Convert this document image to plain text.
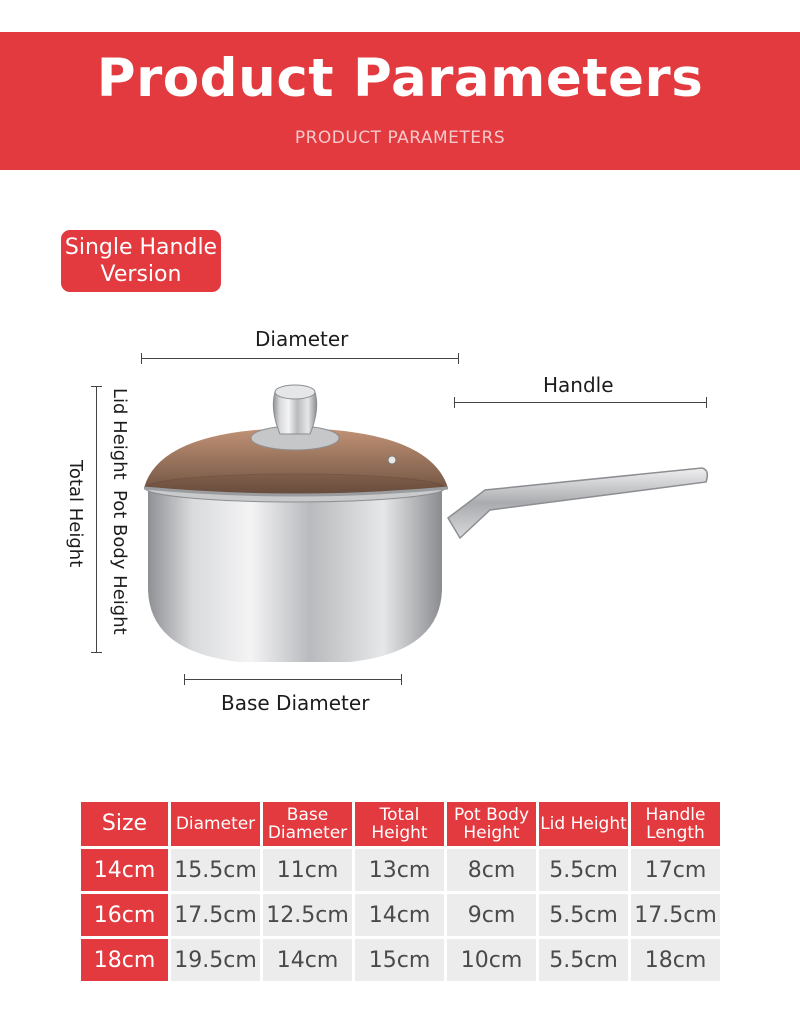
Product Parameters
PRODUCT PARAMETERS
Single Handle
Version
Diameter
Handle
Total Height
Lid Height
Pot Body Height
Base Diameter
Size	Diameter	Base Diameter	Total Height	Pot Body Height	Lid Height	Handle Length
14cm	15.5cm	11cm	13cm	8cm	5.5cm	17cm
16cm	17.5cm	12.5cm	14cm	9cm	5.5cm	17.5cm
18cm	19.5cm	14cm	15cm	10cm	5.5cm	18cm
